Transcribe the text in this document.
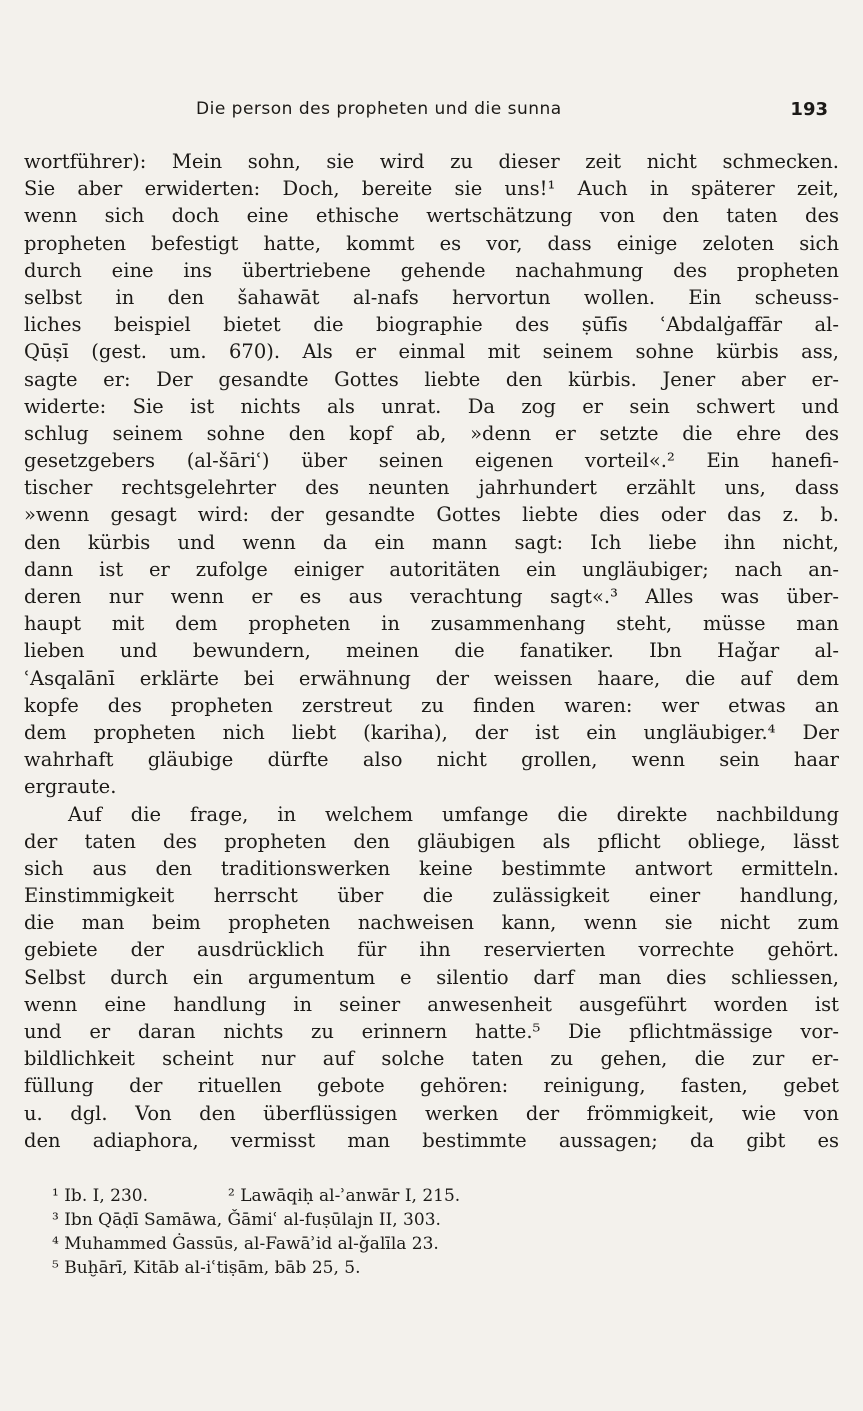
Die person des propheten und die sunna	193
wortführer): Mein sohn, sie wird zu dieser zeit nicht schmecken.
Sie aber erwiderten: Doch, bereite sie uns!¹ Auch in späterer zeit,
wenn sich doch eine ethische wertschätzung von den taten des
propheten befestigt hatte, kommt es vor, dass einige zeloten sich
durch eine ins übertriebene gehende nachahmung des propheten
selbst in den šahawāt al-nafs hervortun wollen. Ein scheuss-
liches beispiel bietet die biographie des ṣūfīs ʿAbdalġaffār al-
Qūṣī (gest. um. 670). Als er einmal mit seinem sohne kürbis ass,
sagte er: Der gesandte Gottes liebte den kürbis. Jener aber er-
widerte: Sie ist nichts als unrat. Da zog er sein schwert und
schlug seinem sohne den kopf ab, »denn er setzte die ehre des
gesetzgebers (al-šāriʿ) über seinen eigenen vorteil«.² Ein hanefi-
tischer rechtsgelehrter des neunten jahrhundert erzählt uns, dass
»wenn gesagt wird: der gesandte Gottes liebte dies oder das z. b.
den kürbis und wenn da ein mann sagt: Ich liebe ihn nicht,
dann ist er zufolge einiger autoritäten ein ungläubiger; nach an-
deren nur wenn er es aus verachtung sagt«.³ Alles was über-
haupt mit dem propheten in zusammenhang steht, müsse man
lieben und bewundern, meinen die fanatiker. Ibn Haǧar al-
ʿAsqalānī erklärte bei erwähnung der weissen haare, die auf dem
kopfe des propheten zerstreut zu finden waren: wer etwas an
dem propheten nich liebt (kariha), der ist ein ungläubiger.⁴ Der
wahrhaft gläubige dürfte also nicht grollen, wenn sein haar
ergraute.
Auf die frage, in welchem umfange die direkte nachbildung
der taten des propheten den gläubigen als pflicht obliege, lässt
sich aus den traditionswerken keine bestimmte antwort ermitteln.
Einstimmigkeit herrscht über die zulässigkeit einer handlung,
die man beim propheten nachweisen kann, wenn sie nicht zum
gebiete der ausdrücklich für ihn reservierten vorrechte gehört.
Selbst durch ein argumentum e silentio darf man dies schliessen,
wenn eine handlung in seiner anwesenheit ausgeführt worden ist
und er daran nichts zu erinnern hatte.⁵ Die pflichtmässige vor-
bildlichkeit scheint nur auf solche taten zu gehen, die zur er-
füllung der rituellen gebote gehören: reinigung, fasten, gebet
u. dgl. Von den überflüssigen werken der frömmigkeit, wie von
den adiaphora, vermisst man bestimmte aussagen; da gibt es
¹ Ib. I, 230.	² Lawāqiḥ al-ʾanwār I, 215.
³ Ibn Qāḍī Samāwa, Ǧāmiʿ al-fuṣūlajn II, 303.
⁴ Muhammed Ġassūs, al-Fawāʾid al-ǧalīla 23.
⁵ Buḫārī, Kitāb al-iʿtiṣām, bāb 25, 5.
